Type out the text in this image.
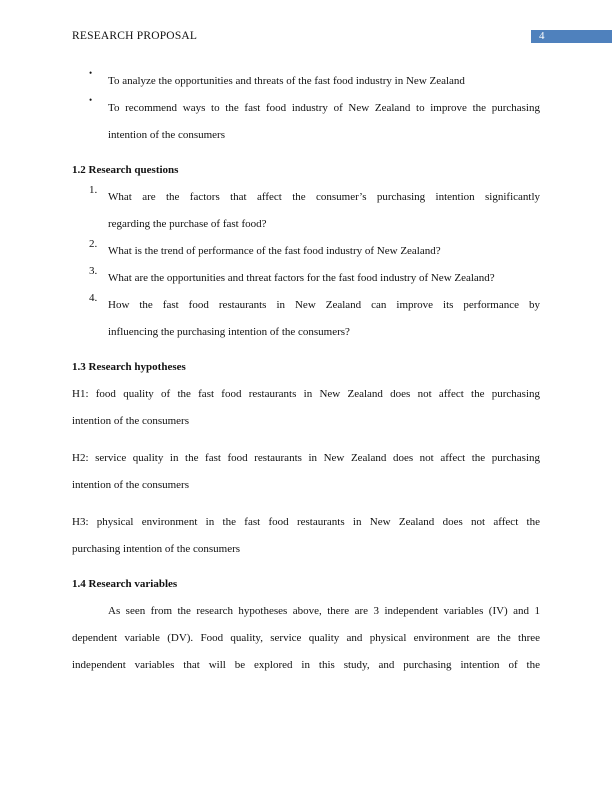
RESEARCH PROPOSAL	4
•

To analyze the opportunities and threats of the fast food industry in New Zealand

•

To recommend ways to the fast food industry of New Zealand to improve the purchasing

intention of the consumers

1.2 Research questions

1.

What are the factors that affect the consumer’s purchasing intention significantly

regarding the purchase of fast food?

2.

What is the trend of performance of the fast food industry of New Zealand?

3.

What are the opportunities and threat factors for the fast food industry of New Zealand?

4.

How the fast food restaurants in New Zealand can improve its performance by

influencing the purchasing intention of the consumers?

1.3 Research hypotheses

H1: food quality of the fast food restaurants in New Zealand does not affect the purchasing

intention of the consumers

H2: service quality in the fast food restaurants in New Zealand does not affect the purchasing

intention of the consumers

H3: physical environment in the fast food restaurants in New Zealand does not affect the

purchasing intention of the consumers

1.4 Research variables

As seen from the research hypotheses above, there are 3 independent variables (IV) and 1

dependent variable (DV). Food quality, service quality and physical environment are the three

independent variables that will be explored in this study, and purchasing intention of the
